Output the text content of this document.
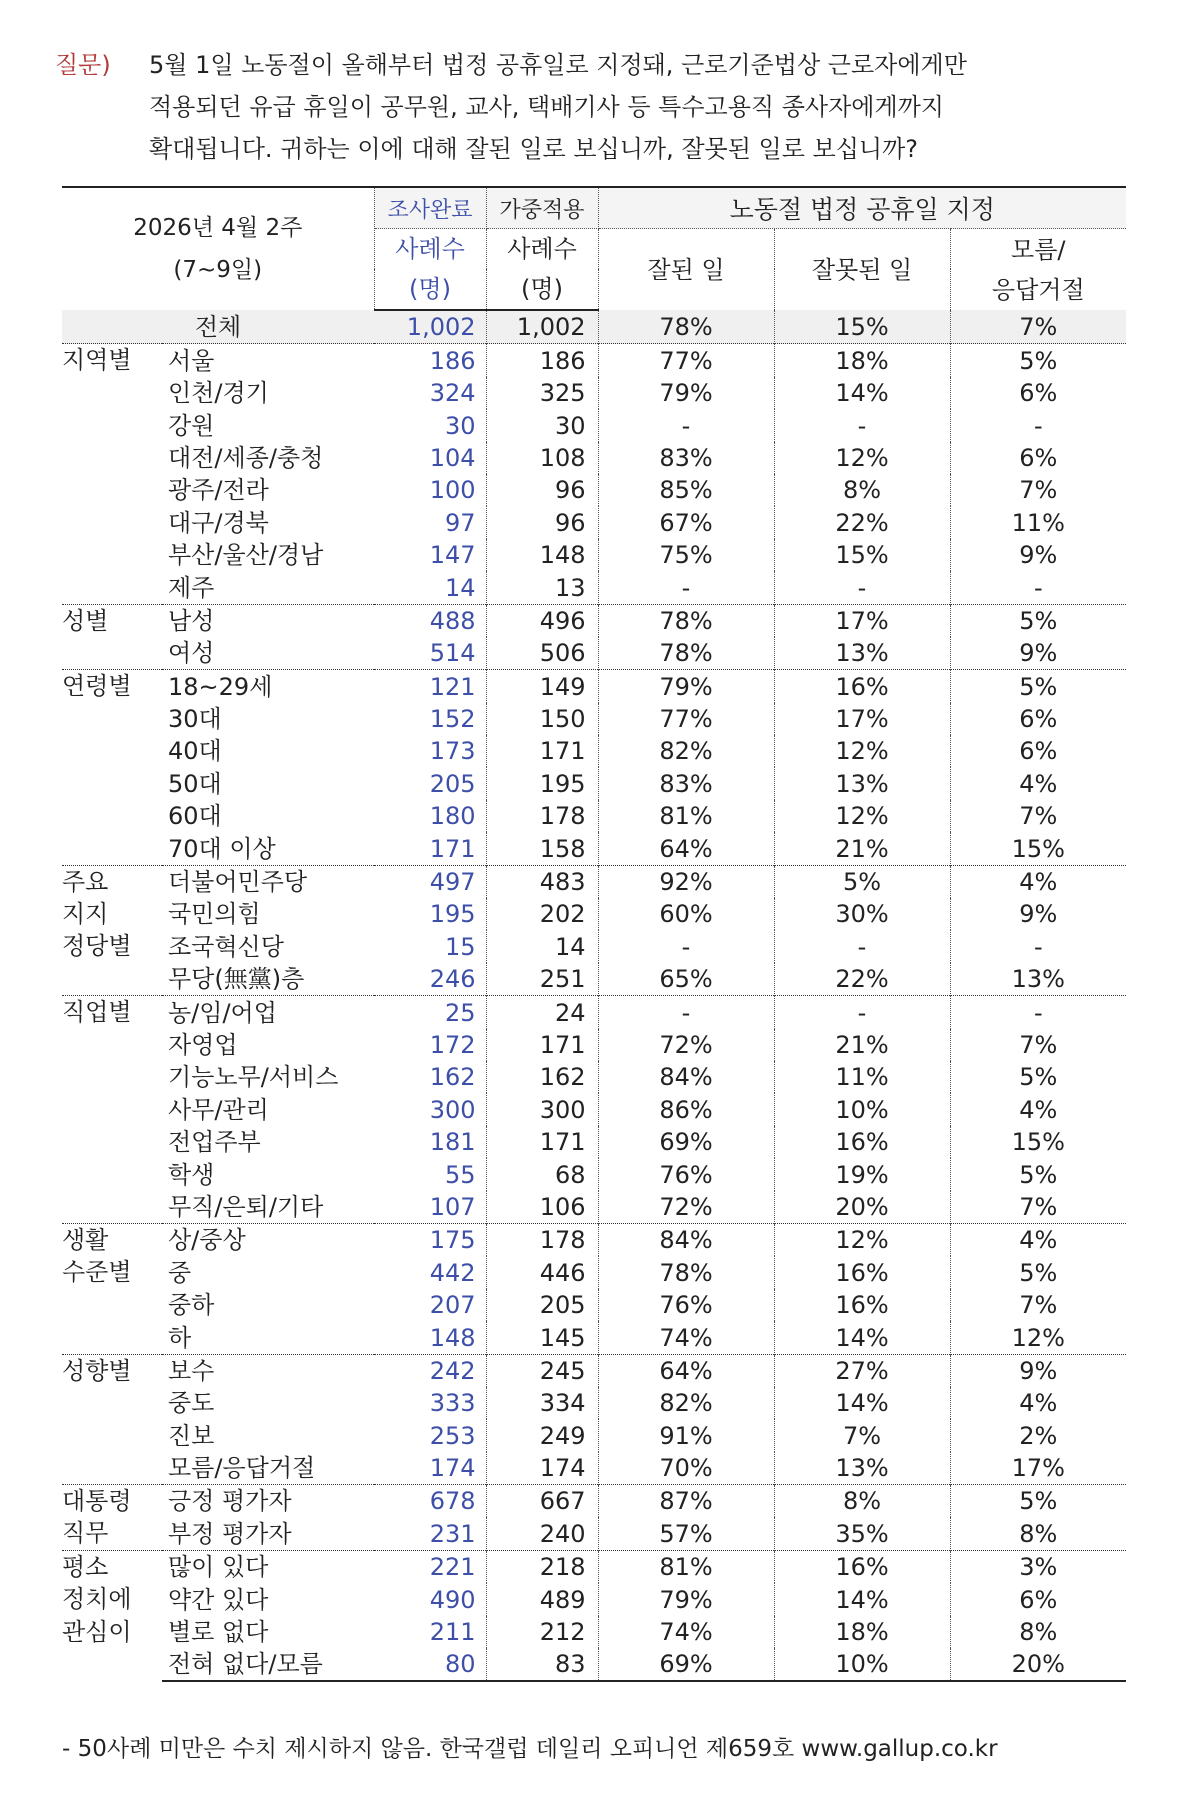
질문) 5월 1일 노동절이 올해부터 법정 공휴일로 지정돼, 근로기준법상 근로자에게만
적용되던 유급 휴일이 공무원, 교사, 택배기사 등 특수고용직 종사자에게까지
확대됩니다. 귀하는 이에 대해 잘된 일로 보십니까, 잘못된 일로 보십니까?
2026년 4월 2주
(7~9일)		조사완료	가중적용	노동절 법정 공휴일 지정		
		사례수	사례수	잘된 일	잘못된 일	모름/
응답거절

		(명)	(명)			
전체		1,002	1,002	78%	15%	7%
지역별	서울	186	186	77%	18%	5%
	인천/경기	324	325	79%	14%	6%
	강원	30	30	-	-	-
	대전/세종/충청	104	108	83%	12%	6%
	광주/전라	100	96	85%	8%	7%
	대구/경북	97	96	67%	22%	11%
	부산/울산/경남	147	148	75%	15%	9%
	제주	14	13	-	-	-
성별	남성	488	496	78%	17%	5%
	여성	514	506	78%	13%	9%
연령별	18~29세	121	149	79%	16%	5%
	30대	152	150	77%	17%	6%
	40대	173	171	82%	12%	6%
	50대	205	195	83%	13%	4%
	60대	180	178	81%	12%	7%
	70대 이상	171	158	64%	21%	15%
주요
지지
정당별	더불어민주당	497	483	92%	5%	4%
	국민의힘	195	202	60%	30%	9%
	조국혁신당	15	14	-	-	-
	무당(無黨)층	246	251	65%	22%	13%
직업별	농/임/어업	25	24	-	-	-
	자영업	172	171	72%	21%	7%
	기능노무/서비스	162	162	84%	11%	5%
	사무/관리	300	300	86%	10%	4%
	전업주부	181	171	69%	16%	15%
	학생	55	68	76%	19%	5%
	무직/은퇴/기타	107	106	72%	20%	7%
생활
수준별	상/중상	175	178	84%	12%	4%
	중	442	446	78%	16%	5%
	중하	207	205	76%	16%	7%
	하	148	145	74%	14%	12%
성향별	보수	242	245	64%	27%	9%
	중도	333	334	82%	14%	4%
	진보	253	249	91%	7%	2%
	모름/응답거절	174	174	70%	13%	17%
대통령
직무	긍정 평가자	678	667	87%	8%	5%
	부정 평가자	231	240	57%	35%	8%
평소
정치에
관심이	많이 있다	221	218	81%	16%	3%
	약간 있다	490	489	79%	14%	6%
	별로 없다	211	212	74%	18%	8%
	전혀 없다/모름	80	83	69%	10%	20%
- 50사례 미만은 수치 제시하지 않음. 한국갤럽 데일리 오피니언 제659호 www.gallup.co.kr
